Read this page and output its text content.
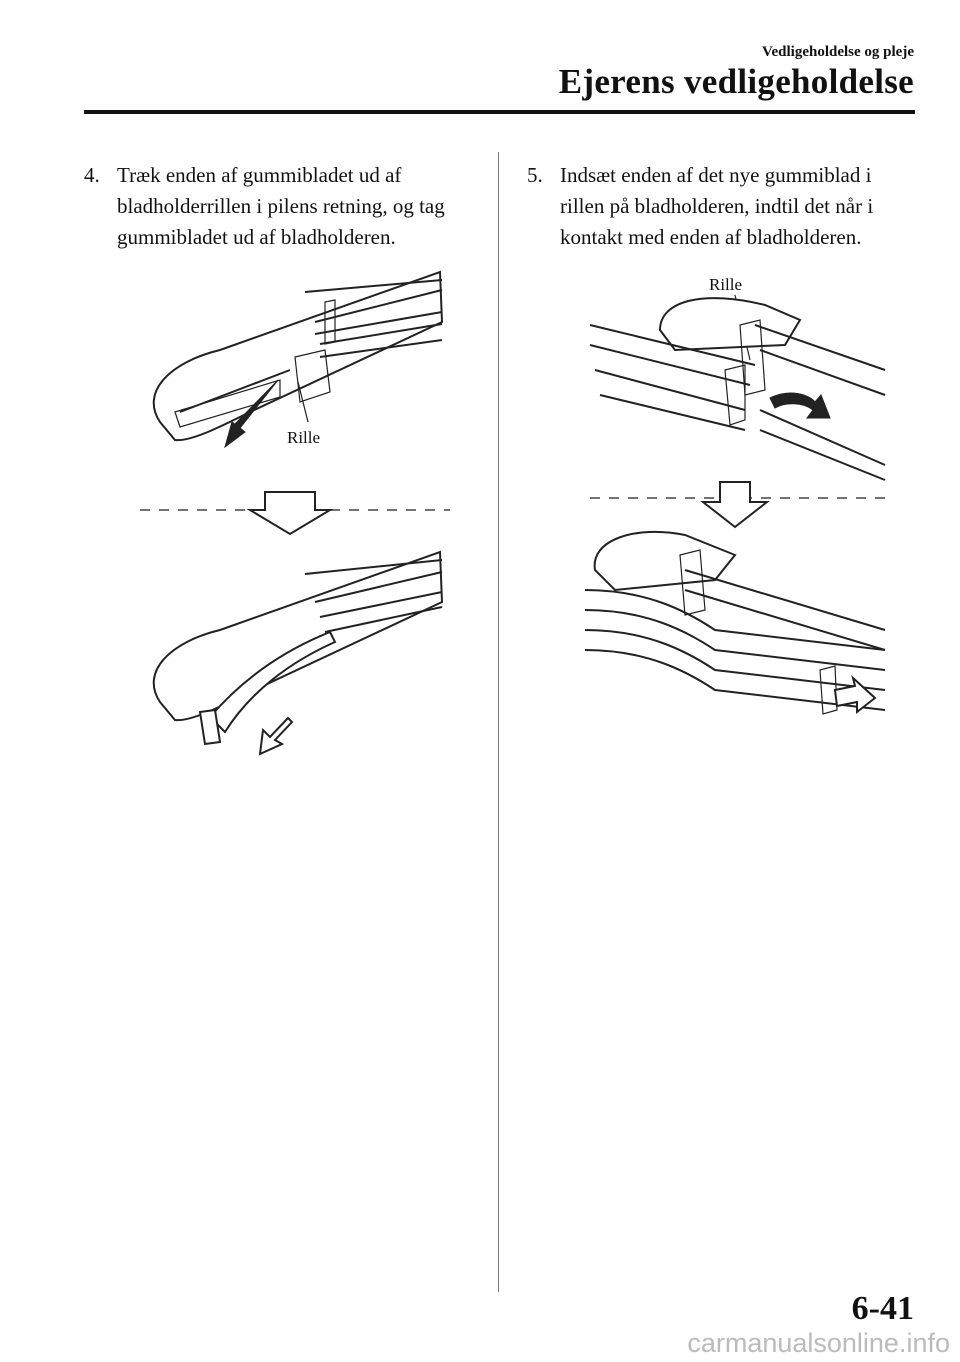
Vedligeholdelse og pleje
Ejerens vedligeholdelse
4. Træk enden af gummibladet ud af bladholderrillen i pilens retning, og tag gummibladet ud af bladholderen.
5. Indsæt enden af det nye gummiblad i rillen på bladholderen, indtil det når i kontakt med enden af bladholderen.
Rille
Rille
6-41
carmanualsonline.info
